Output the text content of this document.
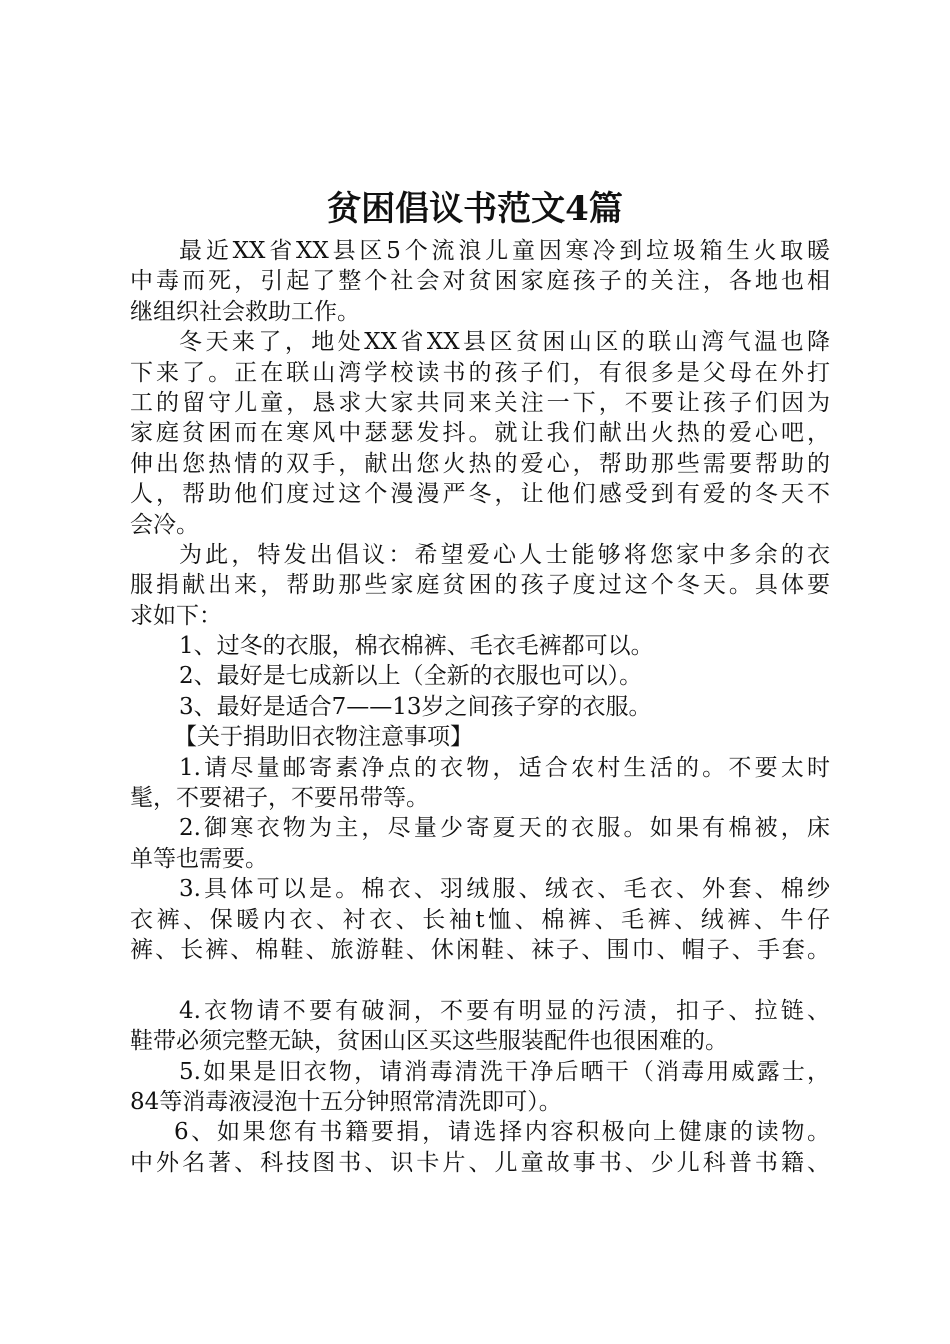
贫困倡议书范文4篇
最近XX省XX县区5个流浪儿童因寒冷到垃圾箱生火取暖
中毒而死，引起了整个社会对贫困家庭孩子的关注，各地也相
继组织社会救助工作。
冬天来了，地处XX省XX县区贫困山区的联山湾气温也降
下来了。正在联山湾学校读书的孩子们，有很多是父母在外打
工的留守儿童，恳求大家共同来关注一下，不要让孩子们因为
家庭贫困而在寒风中瑟瑟发抖。就让我们献出火热的爱心吧，
伸出您热情的双手，献出您火热的爱心，帮助那些需要帮助的
人，帮助他们度过这个漫漫严冬，让他们感受到有爱的冬天不
会冷。
为此，特发出倡议：希望爱心人士能够将您家中多余的衣
服捐献出来，帮助那些家庭贫困的孩子度过这个冬天。具体要
求如下：
1、过冬的衣服，棉衣棉裤、毛衣毛裤都可以。
2、最好是七成新以上（全新的衣服也可以）。
3、最好是适合7——13岁之间孩子穿的衣服。
【关于捐助旧衣物注意事项】
1.请尽量邮寄素净点的衣物，适合农村生活的。不要太时
髦，不要裙子，不要吊带等。
2.御寒衣物为主，尽量少寄夏天的衣服。如果有棉被，床
单等也需要。
3.具体可以是。棉衣、羽绒服、绒衣、毛衣、外套、棉纱
衣裤、保暖内衣、衬衣、长袖t恤、棉裤、毛裤、绒裤、牛仔
裤、长裤、棉鞋、旅游鞋、休闲鞋、袜子、围巾、帽子、手套。
4.衣物请不要有破洞，不要有明显的污渍，扣子、拉链、
鞋带必须完整无缺，贫困山区买这些服装配件也很困难的。
5.如果是旧衣物，请消毒清洗干净后晒干（消毒用威露士，
84等消毒液浸泡十五分钟照常清洗即可）。
6、如果您有书籍要捐，请选择内容积极向上健康的读物。
中外名著、科技图书、识卡片、儿童故事书、少儿科普书籍、
